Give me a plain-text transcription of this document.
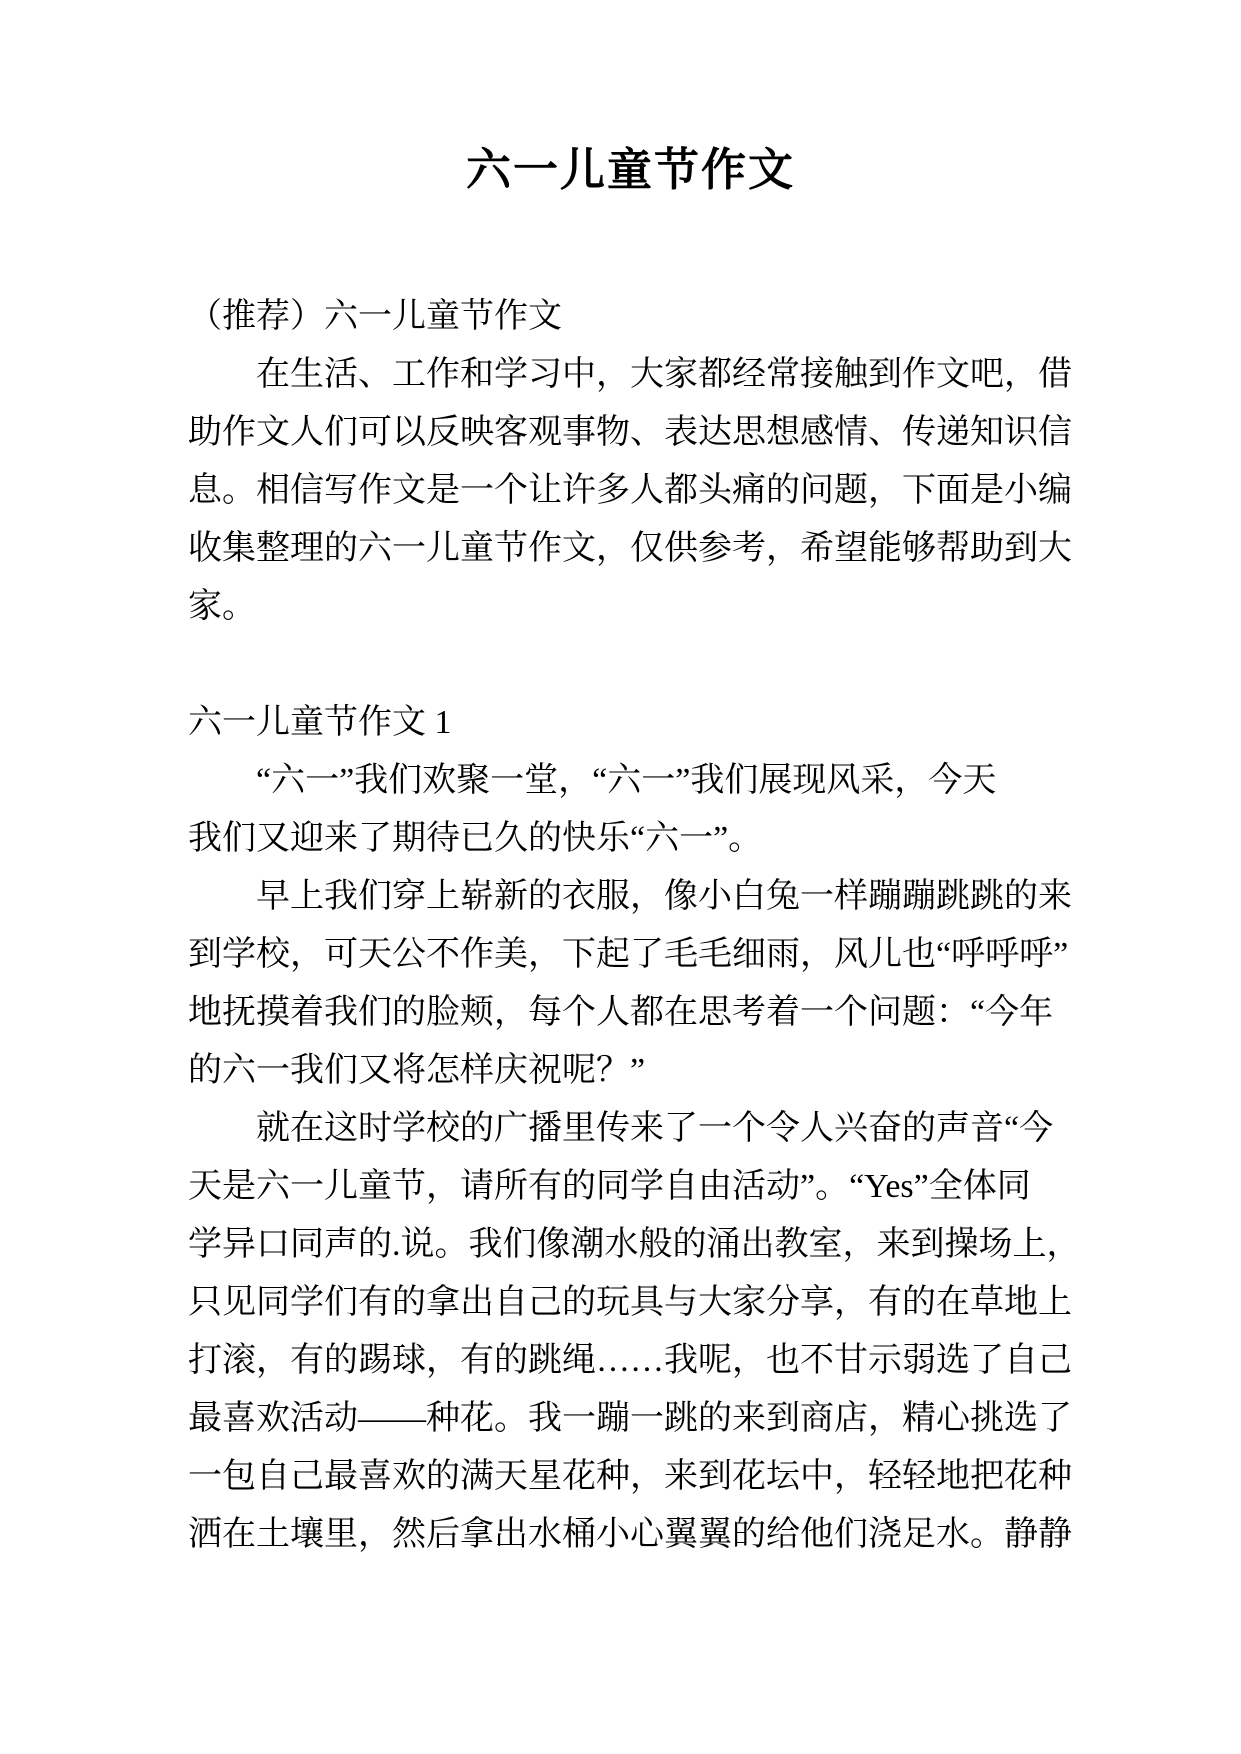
六一儿童节作文
（推荐）六一儿童节作文
在生活、工作和学习中，大家都经常接触到作文吧，借
助作文人们可以反映客观事物、表达思想感情、传递知识信
息。相信写作文是一个让许多人都头痛的问题，下面是小编
收集整理的六一儿童节作文，仅供参考，希望能够帮助到大
家。
六一儿童节作文 1
“六一”我们欢聚一堂，“六一”我们展现风采，今天
我们又迎来了期待已久的快乐“六一”。
早上我们穿上崭新的衣服，像小白兔一样蹦蹦跳跳的来
到学校，可天公不作美，下起了毛毛细雨，风儿也“呼呼呼”
地抚摸着我们的脸颊，每个人都在思考着一个问题：“今年
的六一我们又将怎样庆祝呢？”
就在这时学校的广播里传来了一个令人兴奋的声音“今
天是六一儿童节，请所有的同学自由活动”。“Yes”全体同
学异口同声的.说。我们像潮水般的涌出教室，来到操场上，
只见同学们有的拿出自己的玩具与大家分享，有的在草地上
打滚，有的踢球，有的跳绳……我呢，也不甘示弱选了自己
最喜欢活动——种花。我一蹦一跳的来到商店，精心挑选了
一包自己最喜欢的满天星花种，来到花坛中，轻轻地把花种
洒在土壤里，然后拿出水桶小心翼翼的给他们浇足水。静静
